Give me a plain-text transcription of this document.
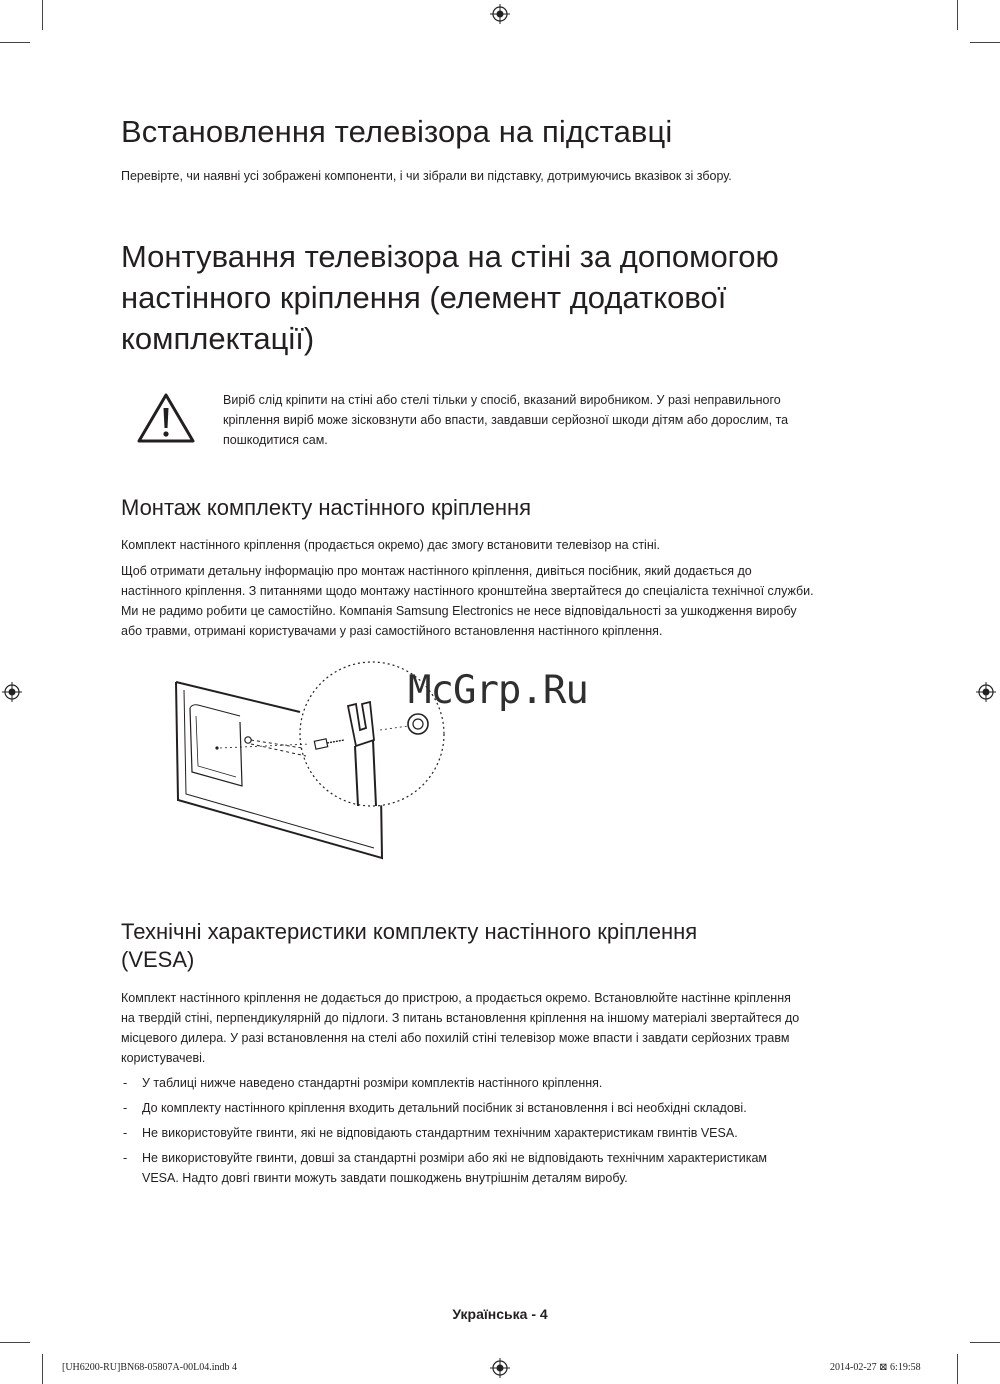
Встановлення телевізора на підставці
Перевірте, чи наявні усі зображені компоненти, і чи зібрали ви підставку, дотримуючись вказівок зі збору.
Монтування телевізора на стіні за допомогою
настінного кріплення (елемент додаткової
комплектації)
Виріб слід кріпити на стіні або стелі тільки у спосіб, вказаний виробником. У разі неправильного
кріплення виріб може зісковзнути або впасти, завдавши серйозної шкоди дітям або дорослим, та
пошкодитися сам.
Монтаж комплекту настінного кріплення
Комплект настінного кріплення (продається окремо) дає змогу встановити телевізор на стіні.
Щоб отримати детальну інформацію про монтаж настінного кріплення, дивіться посібник, який додається до
настінного кріплення. З питаннями щодо монтажу настінного кронштейна звертайтеся до спеціаліста технічної служби.
Ми не радимо робити це самостійно. Компанія Samsung Electronics не несе відповідальності за ушкодження виробу
або травми, отримані користувачами у разі самостійного встановлення настінного кріплення.
McGrp.Ru
Технічні характеристики комплекту настінного кріплення
(VESA)
Комплект настінного кріплення не додається до пристрою, а продається окремо. Встановлюйте настінне кріплення
на твердій стіні, перпендикулярній до підлоги. З питань встановлення кріплення на іншому матеріалі звертайтеся до
місцевого дилера. У разі встановлення на стелі або похилій стіні телевізор може впасти і завдати серйозних травм
користувачеві.
- У таблиці нижче наведено стандартні розміри комплектів настінного кріплення.
- До комплекту настінного кріплення входить детальний посібник зі встановлення і всі необхідні складові.
- Не використовуйте гвинти, які не відповідають стандартним технічним характеристикам гвинтів VESA.
- Не використовуйте гвинти, довші за стандартні розміри або які не відповідають технічним характеристикам
VESA. Надто довгі гвинти можуть завдати пошкоджень внутрішнім деталям виробу.
Українська - 4
[UH6200-RU]BN68-05807A-00L04.indb 4	2014-02-27 ⊠ 6:19:58
